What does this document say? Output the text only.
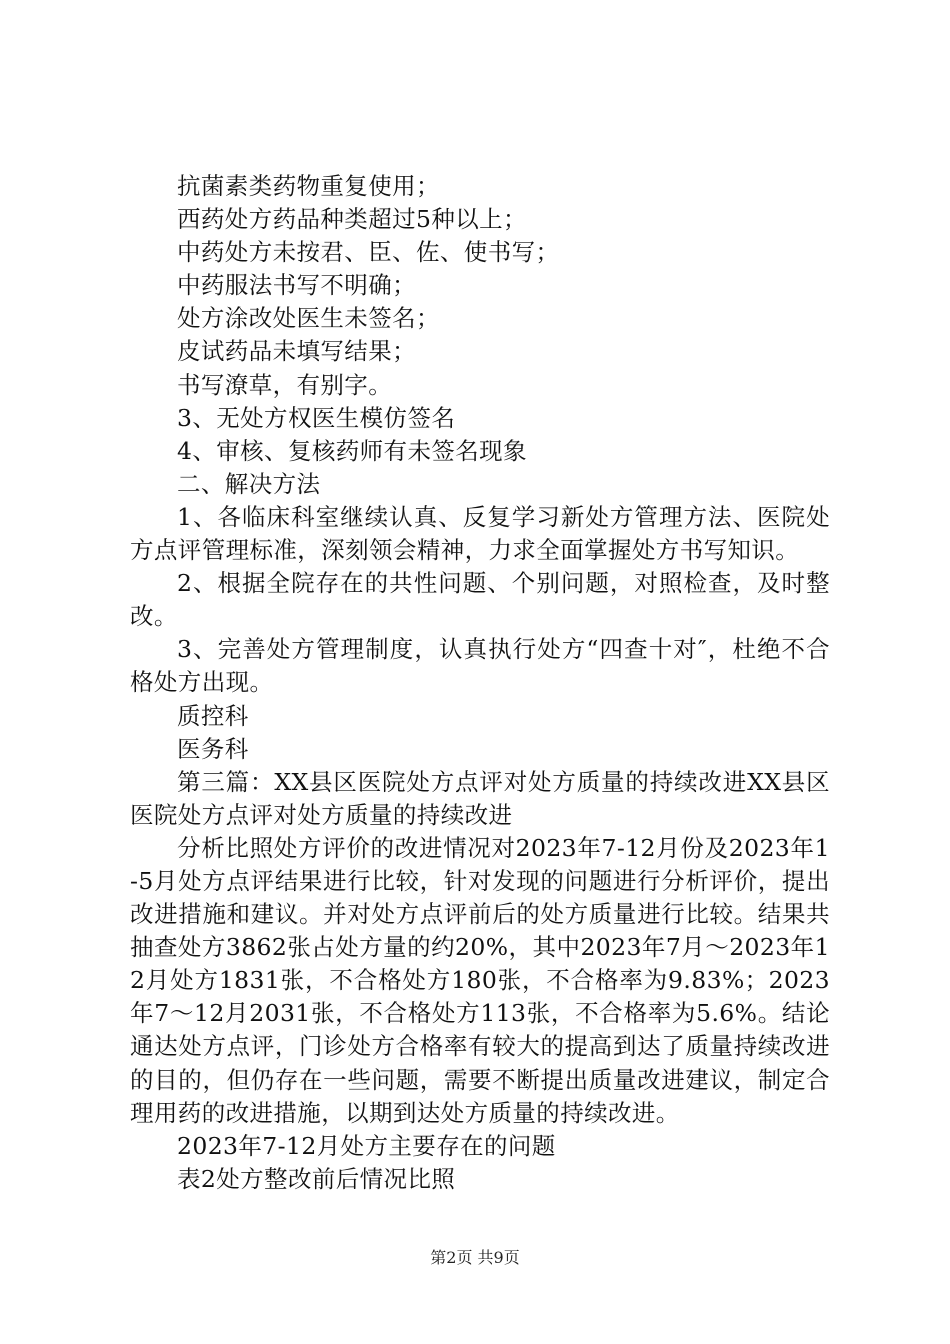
抗菌素类药物重复使用；
西药处方药品种类超过5种以上；
中药处方未按君、臣、佐、使书写；
中药服法书写不明确；
处方涂改处医生未签名；
皮试药品未填写结果；
书写潦草，有别字。
3、无处方权医生模仿签名
4、审核、复核药师有未签名现象
二、解决方法
1、各临床科室继续认真、反复学习新处方管理方法、医院处方点评管理标准，深刻领会精神，力求全面掌握处方书写知识。
2、根据全院存在的共性问题、个别问题，对照检查，及时整改。
3、完善处方管理制度，认真执行处方“四查十对″，杜绝不合格处方出现。
质控科
医务科
第三篇：XX县区医院处方点评对处方质量的持续改进XX县区医院处方点评对处方质量的持续改进
分析比照处方评价的改进情况对2023年7-12月份及2023年1-5月处方点评结果进行比较，针对发现的问题进行分析评价，提出改进措施和建议。并对处方点评前后的处方质量进行比较。结果共抽查处方3862张占处方量的约20%，其中2023年7月～2023年12月处方1831张，不合格处方180张，不合格率为9.83%；2023年7～12月2031张，不合格处方113张，不合格率为5.6%。结论通达处方点评，门诊处方合格率有较大的提高到达了质量持续改进的目的，但仍存在一些问题，需要不断提出质量改进建议，制定合理用药的改进措施，以期到达处方质量的持续改进。
2023年7-12月处方主要存在的问题
表2处方整改前后情况比照
第2页 共9页
